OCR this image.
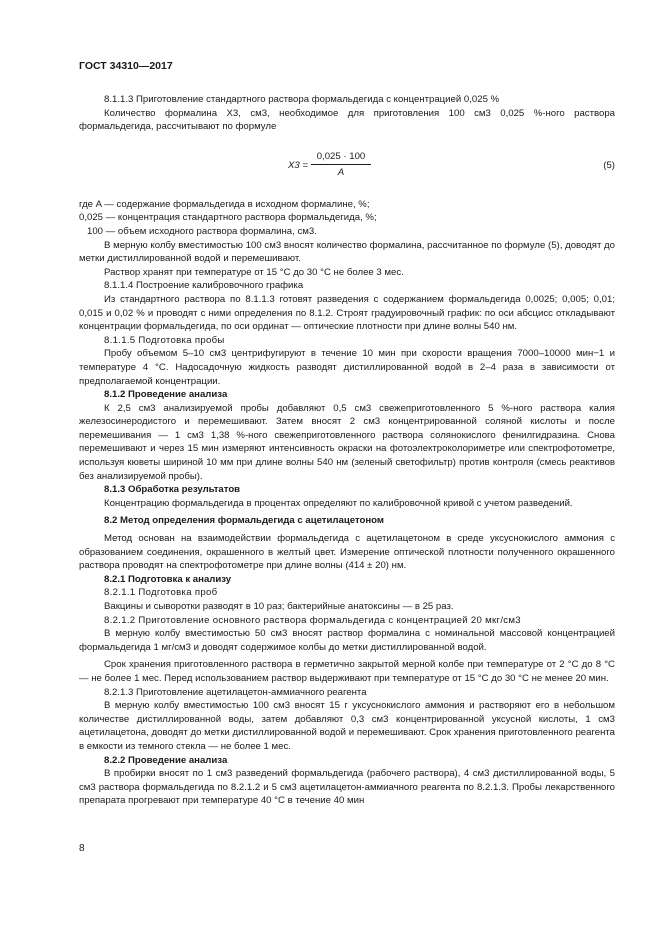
ГОСТ 34310—2017

8.1.1.3 Приготовление стандартного раствора формальдегида с концентрацией 0,025 %

Количество формалина X3, см3, необходимое для приготовления 100 см3 0,025 %-ного раствора формальдегида, рассчитывают по формуле

$X3 = \frac{0,025 \cdot 100}{A}$	(5)

где A — содержание формальдегида в исходном формалине, %;

0,025 — концентрация стандартного раствора формальдегида, %;

100 — объем исходного раствора формалина, см3.

В мерную колбу вместимостью 100 см3 вносят количество формалина, рассчитанное по формуле (5), доводят до метки дистиллированной водой и перемешивают.

Раствор хранят при температуре от 15 °С до 30 °С не более 3 мес.

8.1.1.4 Построение калибровочного графика

Из стандартного раствора по 8.1.1.3 готовят разведения с содержанием формальдегида 0,0025; 0,005; 0,01; 0,015 и 0,02 % и проводят с ними определения по 8.1.2. Строят градуировочный график: по оси абсцисс откладывают концентрации формальдегида, по оси ординат — оптические плотности при длине волны 540 нм.

8.1.1.5 Подготовка пробы

Пробу объемом 5–10 см3 центрифугируют в течение 10 мин при скорости вращения 7000–10000 мин−1 и температуре 4 °С. Надосадочную жидкость разводят дистиллированной водой в 2–4 раза в зависимости от предполагаемой концентрации.

8.1.2 Проведение анализа

К 2,5 см3 анализируемой пробы добавляют 0,5 см3 свежеприготовленного 5 %-ного раствора калия железосинеродистого и перемешивают. Затем вносят 2 см3 концентрированной соляной кислоты и после перемешивания — 1 см3 1,38 %-ного свежеприготовленного раствора солянокислого фенилгидразина. Снова перемешивают и через 15 мин измеряют интенсивность окраски на фотоэлектроколориметре или спектрофотометре, используя кюветы шириной 10 мм при длине волны 540 нм (зеленый светофильтр) против контроля (смесь реактивов без анализируемой пробы).

8.1.3 Обработка результатов

Концентрацию формальдегида в процентах определяют по калибровочной кривой с учетом разведений.

8.2 Метод определения формальдегида с ацетилацетоном

Метод основан на взаимодействии формальдегида с ацетилацетоном в среде уксуснокислого аммония с образованием соединения, окрашенного в желтый цвет. Измерение оптической плотности полученного окрашенного раствора проводят на спектрофотометре при длине волны (414 ± 20) нм.

8.2.1 Подготовка к анализу

8.2.1.1 Подготовка проб

Вакцины и сыворотки разводят в 10 раз; бактерийные анатоксины — в 25 раз.

8.2.1.2 Приготовление основного раствора формальдегида с концентрацией 20 мкг/см3

В мерную колбу вместимостью 50 см3 вносят раствор формалина с номинальной массовой концентрацией формальдегида 1 мг/см3 и доводят содержимое колбы до метки дистиллированной водой.

Срок хранения приготовленного раствора в герметично закрытой мерной колбе при температуре от 2 °С до 8 °С — не более 1 мес. Перед использованием раствор выдерживают при температуре от 15 °С до 30 °С не менее 20 мин.

8.2.1.3 Приготовление ацетилацетон-аммиачного реагента

В мерную колбу вместимостью 100 см3 вносят 15 г уксуснокислого аммония и растворяют его в небольшом количестве дистиллированной воды, затем добавляют 0,3 см3 концентрированной уксусной кислоты, 1 см3 ацетилацетона, доводят до метки дистиллированной водой и перемешивают. Срок хранения приготовленного реагента в емкости из темного стекла — не более 1 мес.

8.2.2 Проведение анализа

В пробирки вносят по 1 см3 разведений формальдегида (рабочего раствора), 4 см3 дистиллированной воды, 5 см3 раствора формальдегида по 8.2.1.2 и 5 см3 ацетилацетон-аммиачного реагента по 8.2.1.3. Пробы лекарственного препарата прогревают при температуре 40 °С в течение 40 мин

8
